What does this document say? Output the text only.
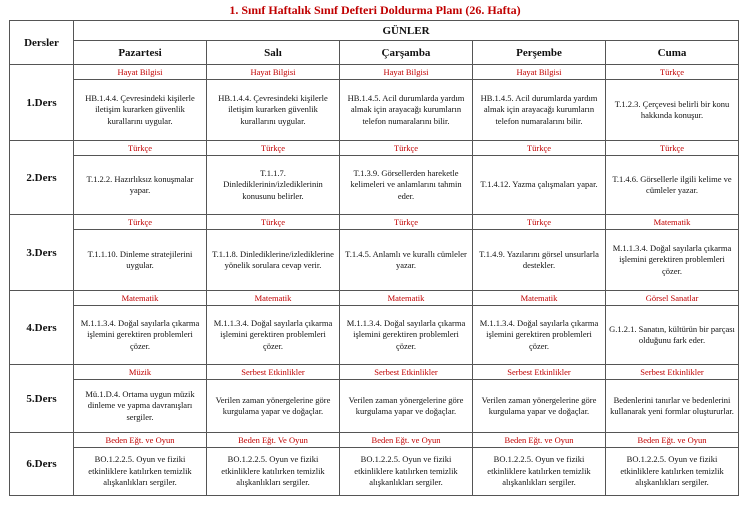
1. Sınıf Haftalık Sınıf Defteri Doldurma Planı (26. Hafta)
Dersler	GÜNLER				
	Pazartesi	Salı	Çarşamba	Perşembe	Cuma
1.Ders	Hayat Bilgisi	Hayat Bilgisi	Hayat Bilgisi	Hayat Bilgisi	Türkçe
	HB.1.4.4. Çevresindeki kişilerle iletişim kurarken güvenlik kurallarını uygular.	HB.1.4.4. Çevresindeki kişilerle iletişim kurarken güvenlik kurallarını uygular.	HB.1.4.5. Acil durumlarda yardım almak için arayacağı kurumların telefon numaralarını bilir.	HB.1.4.5. Acil durumlarda yardım almak için arayacağı kurumların telefon numaralarını bilir.	T.1.2.3. Çerçevesi belirli bir konu hakkında konuşur.
2.Ders	Türkçe	Türkçe	Türkçe	Türkçe	Türkçe
	T.1.2.2. Hazırlıksız konuşmalar yapar.	T.1.1.7. Dinlediklerinin/izlediklerinin konusunu belirler.	T.1.3.9. Görsellerden hareketle kelimeleri ve anlamlarını tahmin eder.	T.1.4.12. Yazma çalışmaları yapar.	T.1.4.6. Görsellerle ilgili kelime ve cümleler yazar.
3.Ders	Türkçe	Türkçe	Türkçe	Türkçe	Matematik
	T.1.1.10. Dinleme stratejilerini uygular.	T.1.1.8. Dinlediklerine/izlediklerine yönelik sorulara cevap verir.	T.1.4.5. Anlamlı ve kurallı cümleler yazar.	T.1.4.9. Yazılarını görsel unsurlarla destekler.	M.1.1.3.4. Doğal sayılarla çıkarma işlemini gerektiren problemleri çözer.
4.Ders	Matematik	Matematik	Matematik	Matematik	Görsel Sanatlar
	M.1.1.3.4. Doğal sayılarla çıkarma işlemini gerektiren problemleri çözer.	M.1.1.3.4. Doğal sayılarla çıkarma işlemini gerektiren problemleri çözer.	M.1.1.3.4. Doğal sayılarla çıkarma işlemini gerektiren problemleri çözer.	M.1.1.3.4. Doğal sayılarla çıkarma işlemini gerektiren problemleri çözer.	G.1.2.1. Sanatın, kültürün bir parçası olduğunu fark eder.
5.Ders	Müzik	Serbest Etkinlikler	Serbest Etkinlikler	Serbest Etkinlikler	Serbest Etkinlikler
	Mü.1.D.4. Ortama uygun müzik dinleme ve yapma davranışları sergiler.	Verilen zaman yönergelerine göre kurgulama yapar ve doğaçlar.	Verilen zaman yönergelerine göre kurgulama yapar ve doğaçlar.	Verilen zaman yönergelerine göre kurgulama yapar ve doğaçlar.	Bedenlerini tanırlar ve bedenlerini kullanarak yeni formlar oluştururlar.
6.Ders	Beden Eğt. ve Oyun	Beden Eğt. Ve Oyun	Beden Eğt. ve Oyun	Beden Eğt. ve Oyun	Beden Eğt. ve Oyun
	BO.1.2.2.5. Oyun ve fiziki etkinliklere katılırken temizlik alışkanlıkları sergiler.	BO.1.2.2.5. Oyun ve fiziki etkinliklere katılırken temizlik alışkanlıkları sergiler.	BO.1.2.2.5. Oyun ve fiziki etkinliklere katılırken temizlik alışkanlıkları sergiler.	BO.1.2.2.5. Oyun ve fiziki etkinliklere katılırken temizlik alışkanlıkları sergiler.	BO.1.2.2.5. Oyun ve fiziki etkinliklere katılırken temizlik alışkanlıkları sergiler.
